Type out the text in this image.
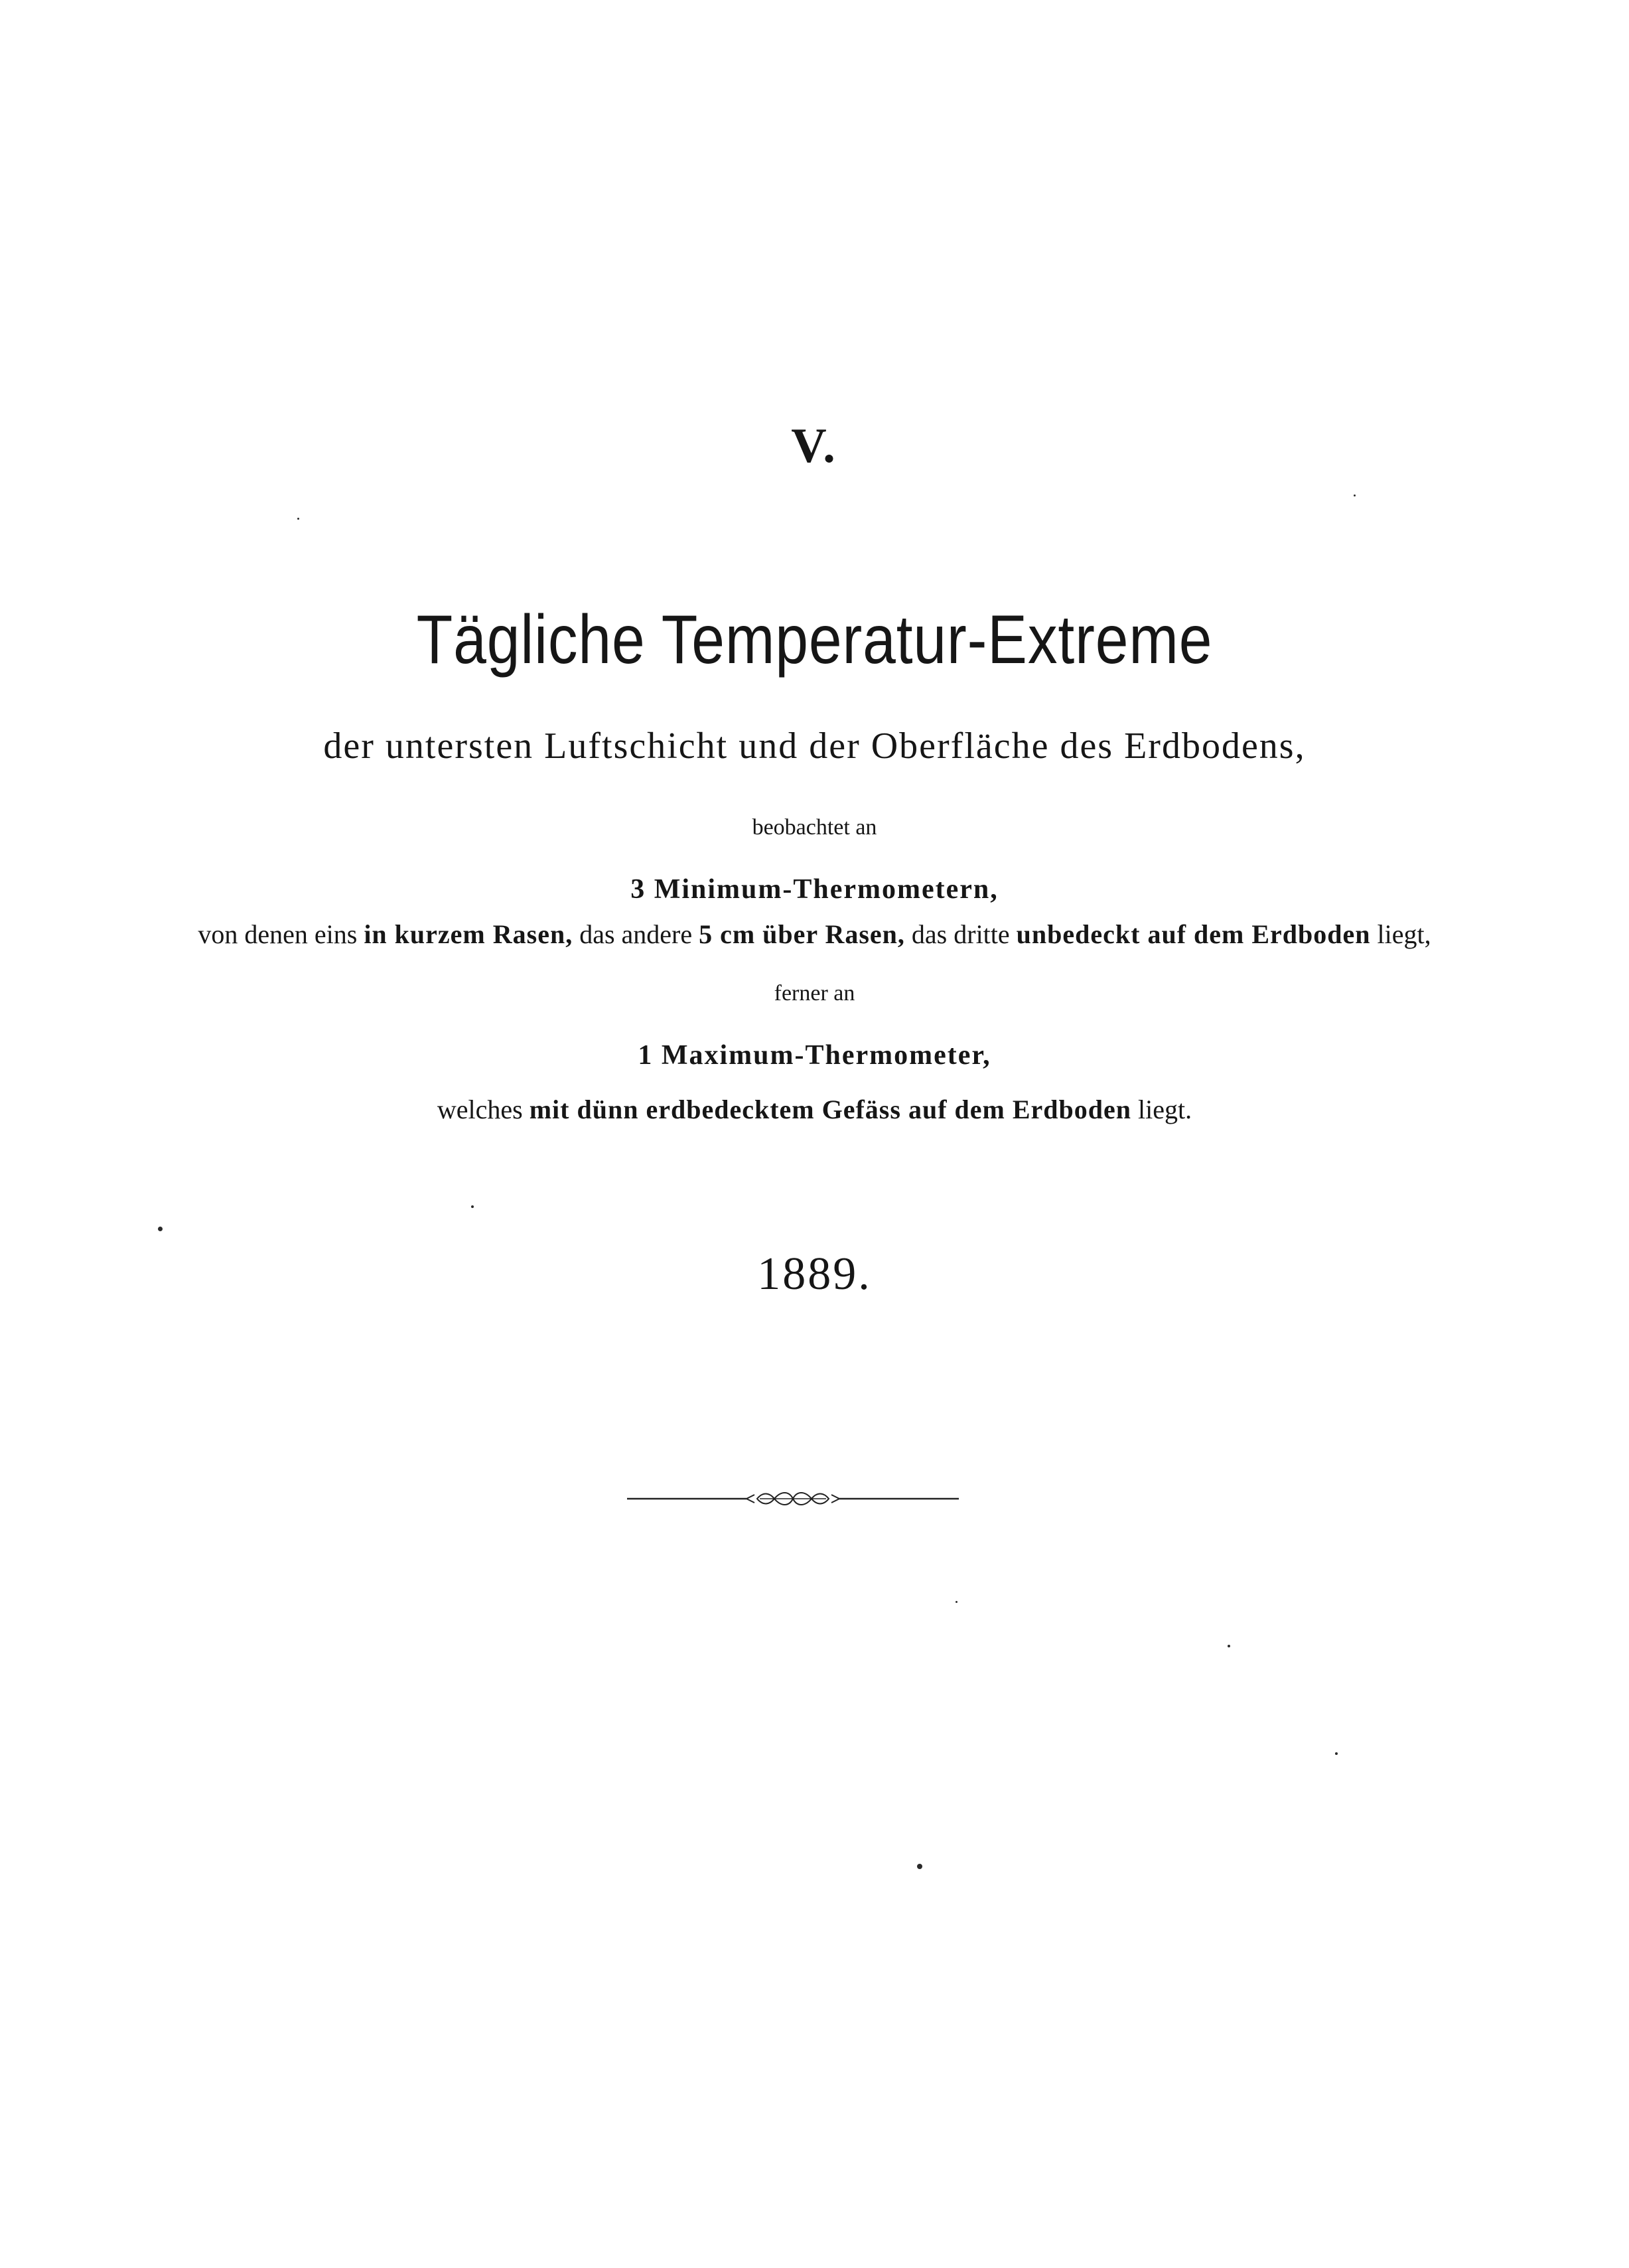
V.
Tägliche Temperatur-Extreme
der untersten Luftschicht und der Oberfläche des Erdbodens,
beobachtet an
3 Minimum-Thermometern,
von denen eins in kurzem Rasen, das andere 5 cm über Rasen, das dritte unbedeckt auf dem Erdboden liegt,
ferner an
1 Maximum-Thermometer,
welches mit dünn erdbedecktem Gefäss auf dem Erdboden liegt.
1889.
